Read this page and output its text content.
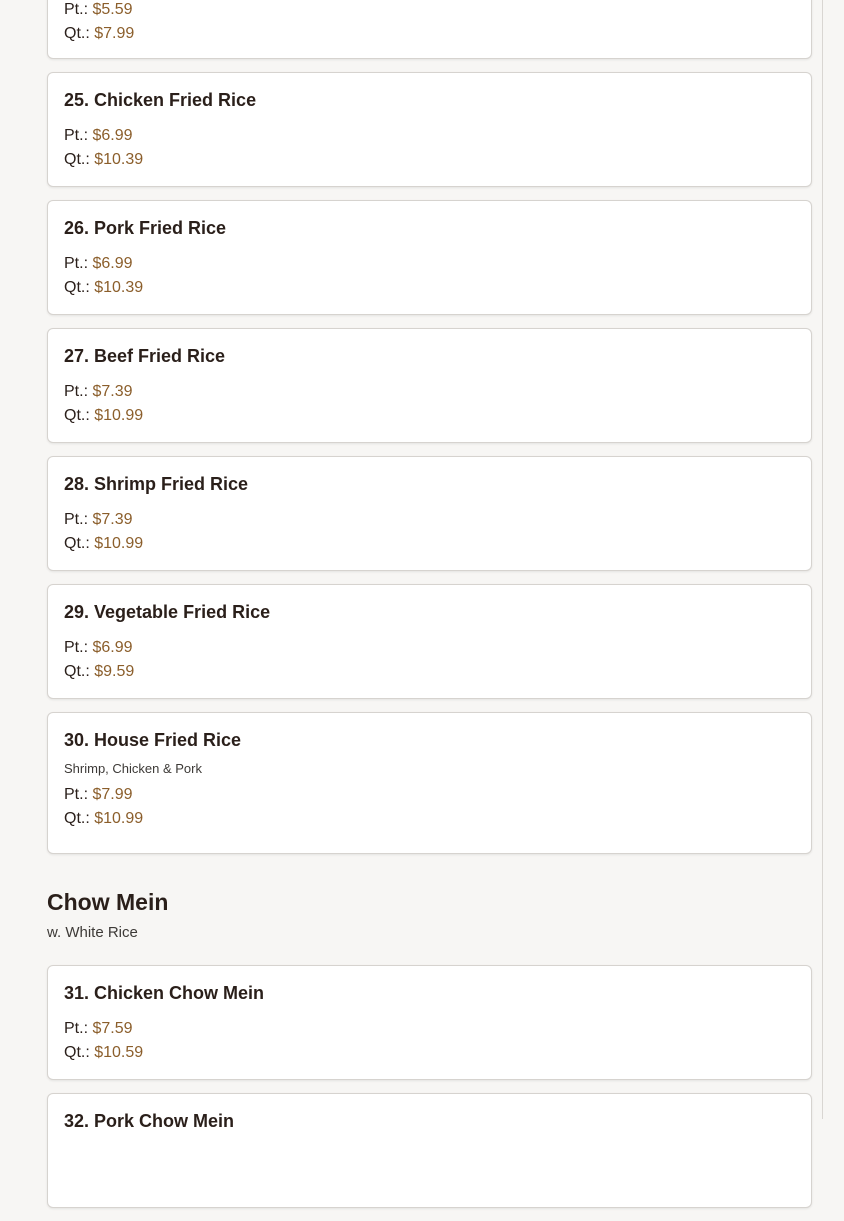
Pt.: $5.59
Qt.: $7.99
25. Chicken Fried Rice
Pt.: $6.99
Qt.: $10.39
26. Pork Fried Rice
Pt.: $6.99
Qt.: $10.39
27. Beef Fried Rice
Pt.: $7.39
Qt.: $10.99
28. Shrimp Fried Rice
Pt.: $7.39
Qt.: $10.99
29. Vegetable Fried Rice
Pt.: $6.99
Qt.: $9.59
30. House Fried Rice
Shrimp, Chicken & Pork
Pt.: $7.99
Qt.: $10.99
Chow Mein
w. White Rice
31. Chicken Chow Mein
Pt.: $7.59
Qt.: $10.59
32. Pork Chow Mein
